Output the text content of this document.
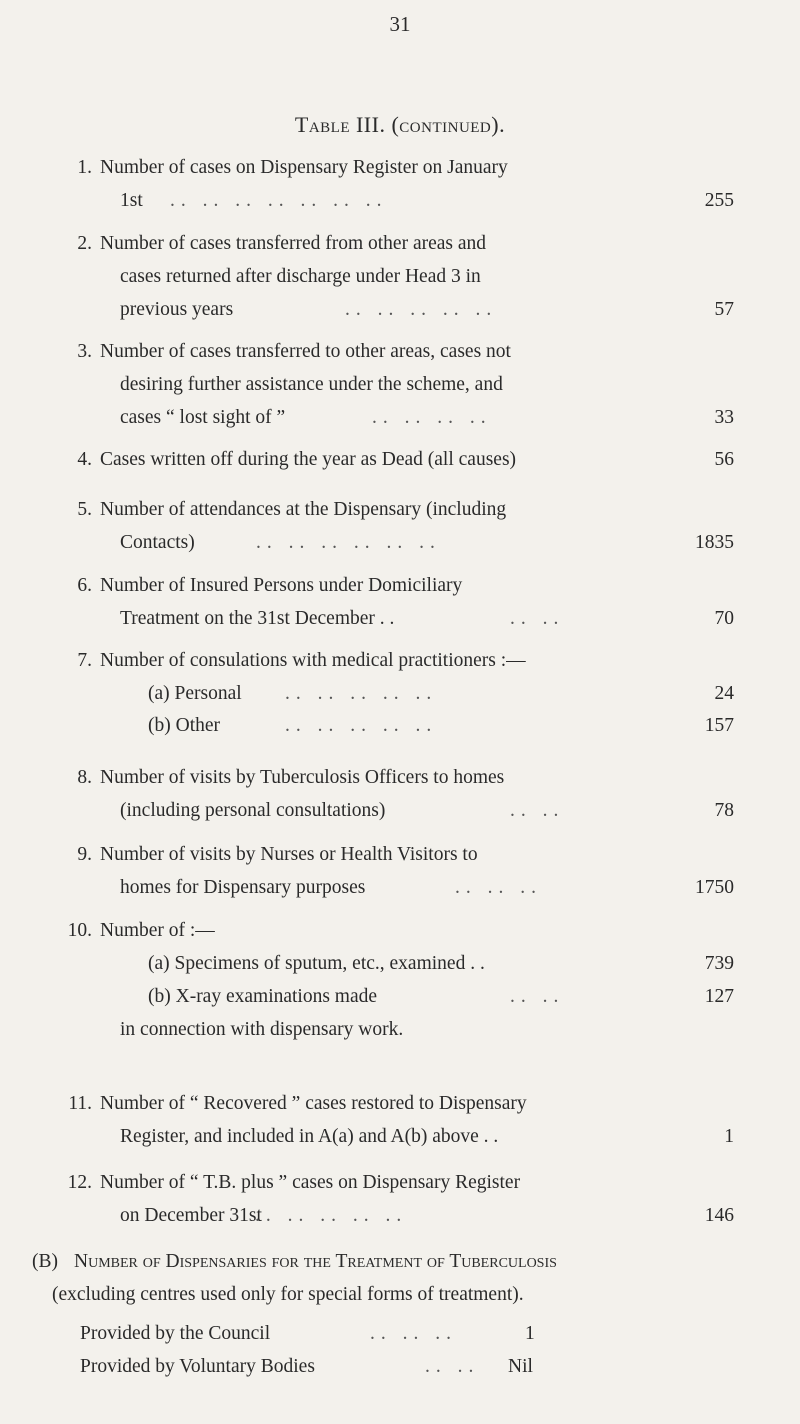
31
Table III. (continued).
1. Number of cases on Dispensary Register on January
1st .. .. .. .. .. .. ..	255
2. Number of cases transferred from other areas and
cases returned after discharge under Head 3 in
previous years	.. .. .. .. ..	57
3. Number of cases transferred to other areas, cases not
desiring further assistance under the scheme, and
cases “ lost sight of ”	.. .. .. ..	33
4. Cases written off during the year as Dead (all causes)	56
5. Number of attendances at the Dispensary (including
Contacts)	.. .. .. .. .. ..	1835
6. Number of Insured Persons under Domiciliary
Treatment on the 31st December . .	.. ..	70
7. Number of consulations with medical practitioners :—
(a) Personal .. .. .. .. ..	24
(b) Other	.. .. .. .. ..	157
8. Number of visits by Tuberculosis Officers to homes
(including personal consultations)	.. ..	78
9. Number of visits by Nurses or Health Visitors to
homes for Dispensary purposes	.. .. ..	1750
10. Number of :—
(a) Specimens of sputum, etc., examined . .	739
(b) X-ray examinations made	.. ..	127
in connection with dispensary work.
11. Number of “ Recovered ” cases restored to Dispensary
Register, and included in A(a) and A(b) above . .	1
12. Number of “ T.B. plus ” cases on Dispensary Register
on December 31st
.. .. .. .. ..	146
(B) Number of Dispensaries for the Treatment of Tuberculosis
(excluding centres used only for special forms of treatment).
Provided by the Council	.. .. ..	1
Provided by Voluntary Bodies	.. .. Nil
